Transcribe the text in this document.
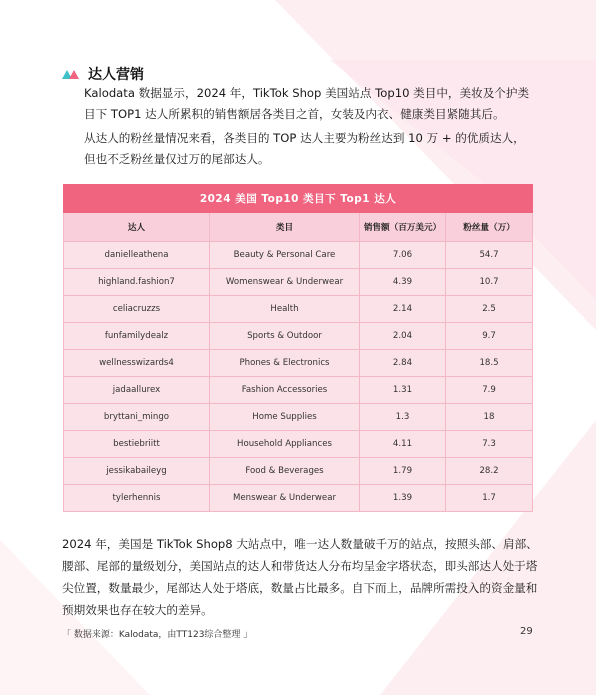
达人营销

Kalodata 数据显示，2024 年，TikTok Shop 美国站点 Top10 类目中，美妆及个护类目下 TOP1 达人所累积的销售额居各类目之首，女装及内衣、健康类目紧随其后。

从达人的粉丝量情况来看，各类目的 TOP 达人主要为粉丝达到 10 万 + 的优质达人，但也不乏粉丝量仅过万的尾部达人。

2024 美国 Top10 类目下 Top1 达人			
达人	类目	销售额（百万美元）	粉丝量（万）
danielleathena	Beauty & Personal Care	7.06	54.7
highland.fashion7	Womenswear & Underwear	4.39	10.7
celiacruzzs	Health	2.14	2.5
funfamilydealz	Sports & Outdoor	2.04	9.7
wellnesswizards4	Phones & Electronics	2.84	18.5
jadaallurex	Fashion Accessories	1.31	7.9
bryttani_mingo	Home Supplies	1.3	18
bestiebriitt	Household Appliances	4.11	7.3
jessikabaileyg	Food & Beverages	1.79	28.2
tylerhennis	Menswear & Underwear	1.39	1.7

2024 年，美国是 TikTok Shop8 大站点中，唯一达人数量破千万的站点，按照头部、肩部、腰部、尾部的量级划分，美国站点的达人和带货达人分布均呈金字塔状态，即头部达人处于塔尖位置，数量最少，尾部达人处于塔底，数量占比最多。自下而上，品牌所需投入的资金量和预期效果也存在较大的差异。

「 数据来源：Kalodata，由TT123综合整理 」	29
